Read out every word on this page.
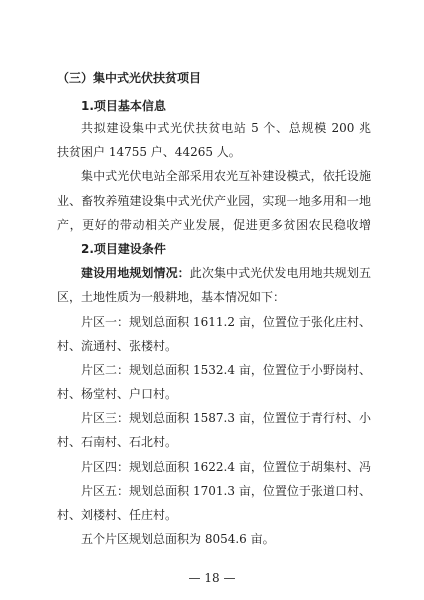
（三）集中式光伏扶贫项目
1.项目基本信息
共拟建设集中式光伏扶贫电站 5 个、总规模 200 兆
扶贫困户 14755 户、44265 人。
集中式光伏电站全部采用农光互补建设模式，依托设施
业、畜牧养殖建设集中式光伏产业园，实现一地多用和一地
产，更好的带动相关产业发展，促进更多贫困农民稳收增
2.项目建设条件
建设用地规划情况：此次集中式光伏发电用地共规划五
区，土地性质为一般耕地，基本情况如下：
片区一：规划总面积 1611.2 亩，位置位于张化庄村、
村、流通村、张楼村。
片区二：规划总面积 1532.4 亩，位置位于小野岗村、
村、杨堂村、户口村。
片区三：规划总面积 1587.3 亩，位置位于青行村、小
村、石南村、石北村。
片区四：规划总面积 1622.4 亩，位置位于胡集村、冯
片区五：规划总面积 1701.3 亩，位置位于张道口村、
村、刘楼村、任庄村。
五个片区规划总面积为 8054.6 亩。
— 18 —
